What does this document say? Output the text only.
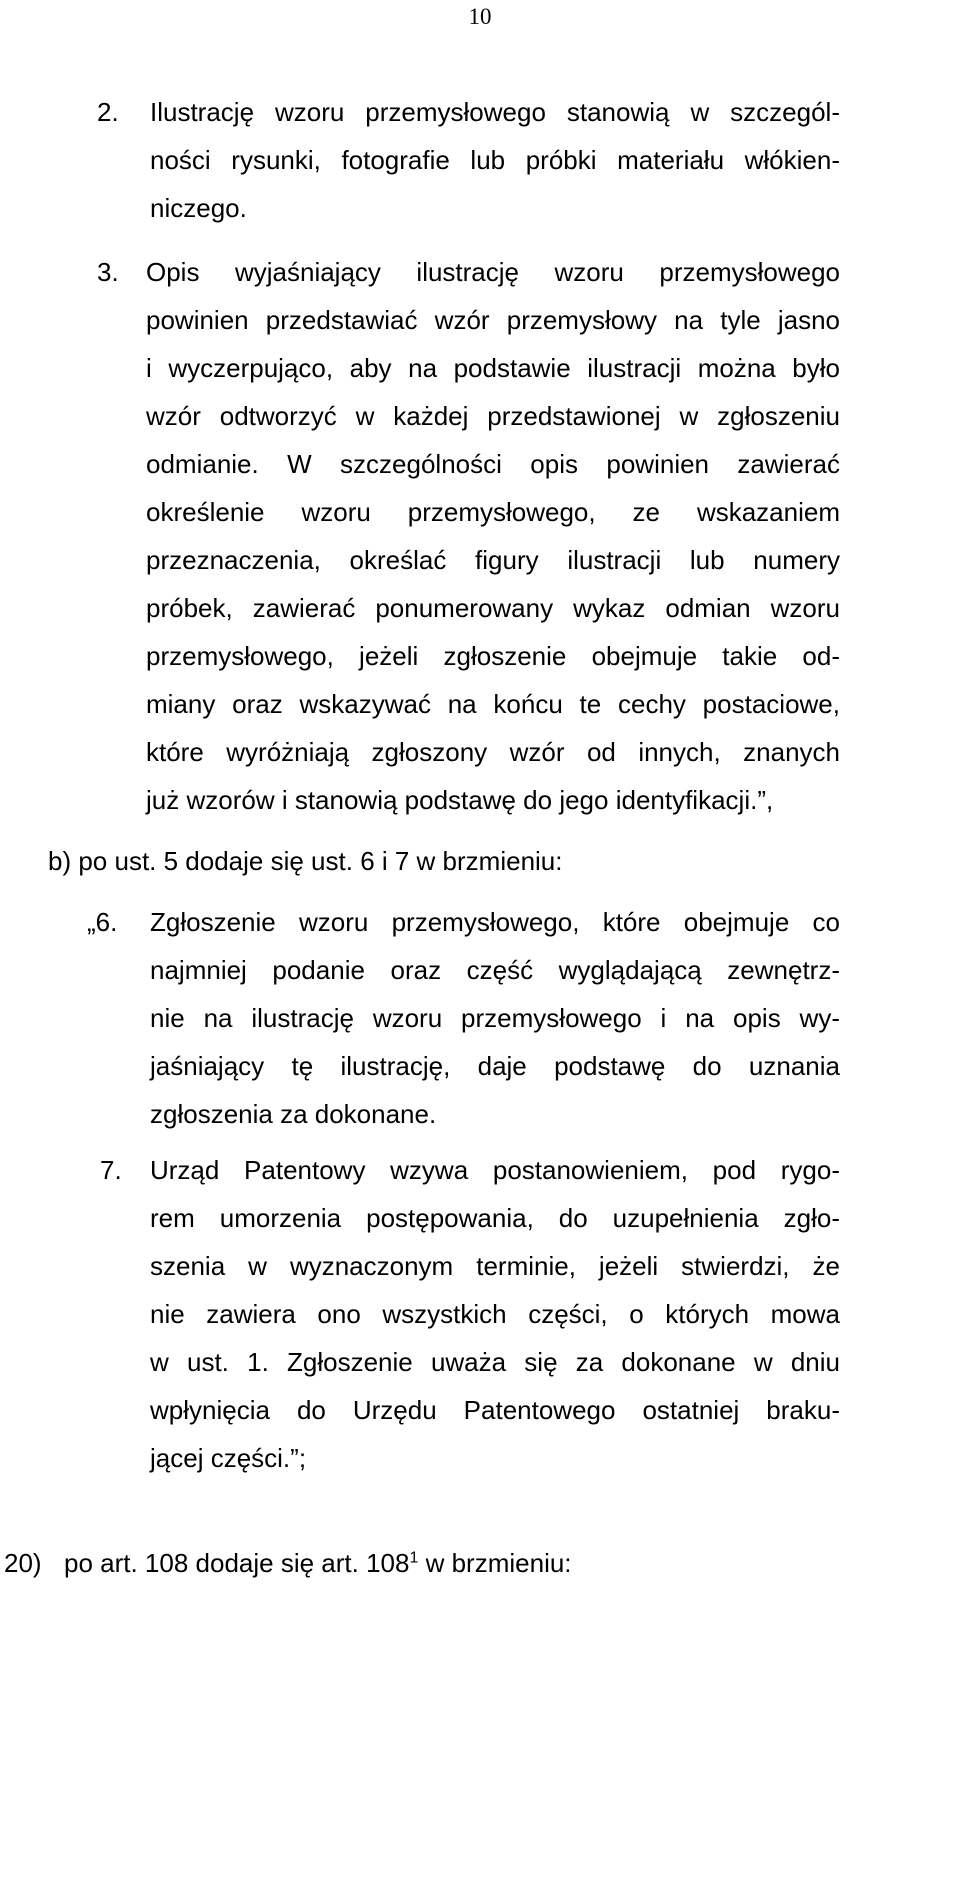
10
2. Ilustrację wzoru przemysłowego stanowią w szczegól-
ności rysunki, fotografie lub próbki materiału włókien-
niczego.
3. Opis wyjaśniający ilustrację wzoru przemysłowego
powinien przedstawiać wzór przemysłowy na tyle jasno
i wyczerpująco, aby na podstawie ilustracji można było
wzór odtworzyć w każdej przedstawionej w zgłoszeniu
odmianie. W szczególności opis powinien zawierać
określenie wzoru przemysłowego, ze wskazaniem
przeznaczenia, określać figury ilustracji lub numery
próbek, zawierać ponumerowany wykaz odmian wzoru
przemysłowego, jeżeli zgłoszenie obejmuje takie od-
miany oraz wskazywać na końcu te cechy postaciowe,
które wyróżniają zgłoszony wzór od innych, znanych
już wzorów i stanowią podstawę do jego identyfikacji.”,
b) po ust. 5 dodaje się ust. 6 i 7 w brzmieniu:
„6. Zgłoszenie wzoru przemysłowego, które obejmuje co
najmniej podanie oraz część wyglądającą zewnętrz-
nie na ilustrację wzoru przemysłowego i na opis wy-
jaśniający tę ilustrację, daje podstawę do uznania
zgłoszenia za dokonane.
7. Urząd Patentowy wzywa postanowieniem, pod rygo-
rem umorzenia postępowania, do uzupełnienia zgło-
szenia w wyznaczonym terminie, jeżeli stwierdzi, że
nie zawiera ono wszystkich części, o których mowa
w ust. 1. Zgłoszenie uważa się za dokonane w dniu
wpłynięcia do Urzędu Patentowego ostatniej braku-
jącej części.”;
20) po art. 108 dodaje się art. $108^1$ w brzmieniu:
